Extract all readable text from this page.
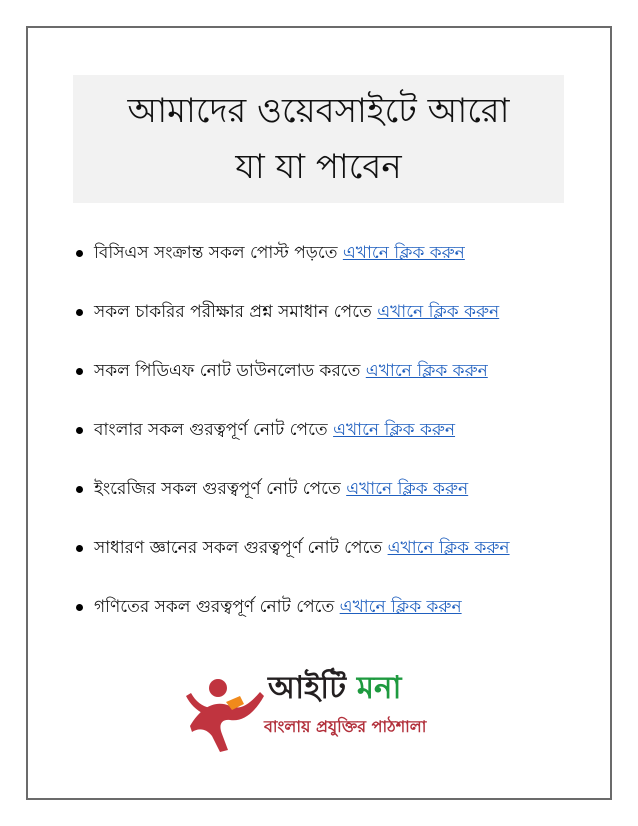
আমাদের ওয়েবসাইটে আরো
যা যা পাবেন
বিসিএস সংক্রান্ত সকল পোস্ট পড়তে এখানে ক্লিক করুন
সকল চাকরির পরীক্ষার প্রশ্ন সমাধান পেতে এখানে ক্লিক করুন
সকল পিডিএফ নোট ডাউনলোড করতে এখানে ক্লিক করুন
বাংলার সকল গুরত্বপূর্ণ নোট পেতে এখানে ক্লিক করুন
ইংরেজির সকল গুরত্বপূর্ণ নোট পেতে এখানে ক্লিক করুন
সাধারণ জ্ঞানের সকল গুরত্বপূর্ণ নোট পেতে এখানে ক্লিক করুন
গণিতের সকল গুরত্বপূর্ণ নোট পেতে এখানে ক্লিক করুন
আইটি মনা
বাংলায় প্রযুক্তির পাঠশালা
